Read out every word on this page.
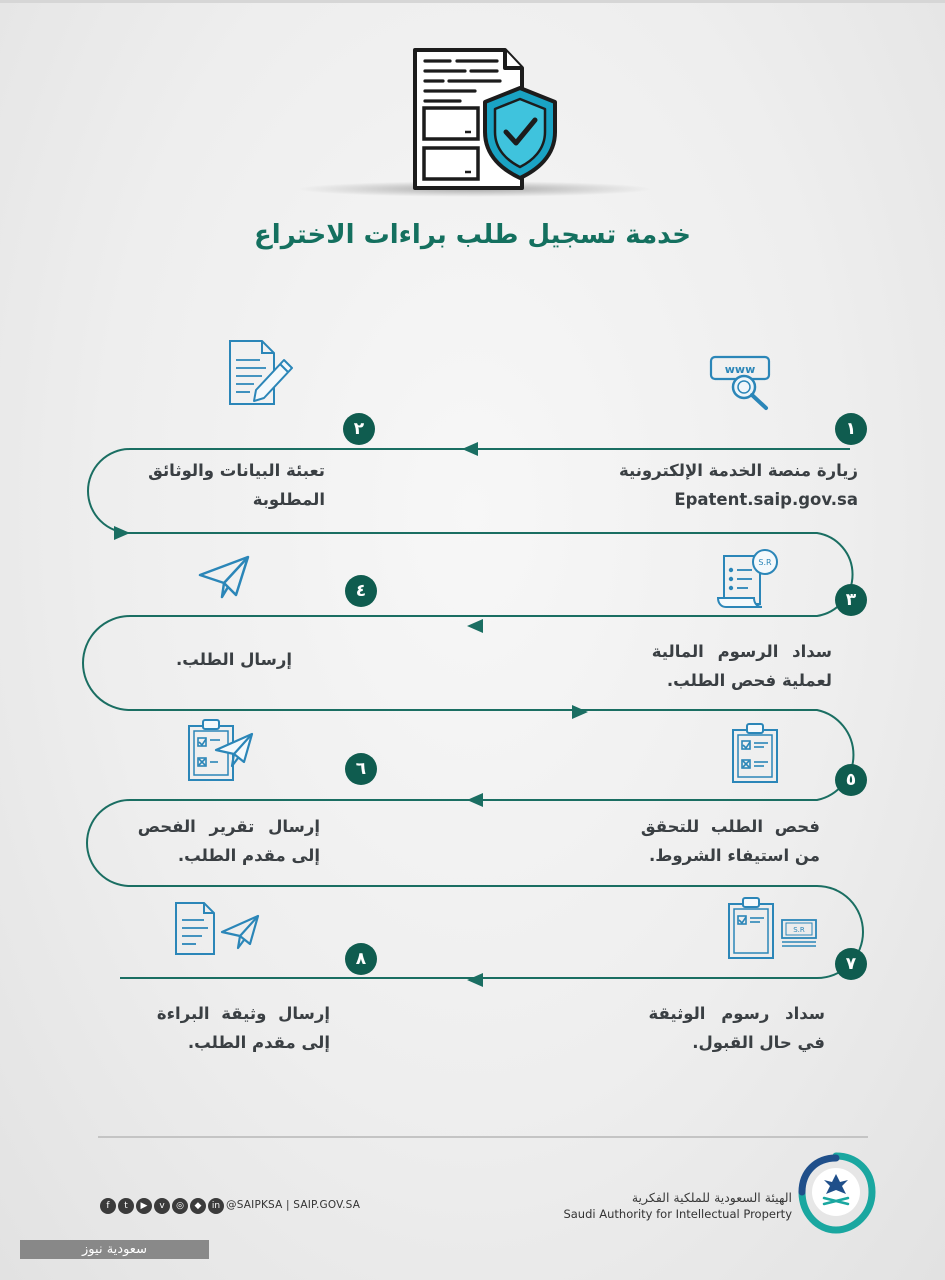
خدمة تسجيل طلب براءات الاختراع
١
٢
٣
٤
٥
٦
٧
٨
زيارة منصة الخدمة الإلكترونية
Epatent.saip.gov.sa
تعبئة البيانات والوثائق
المطلوبة
سداد الرسوم المالية
لعملية فحص الطلب.
إرسال الطلب.
فحص الطلب للتحقق
من استيفاء الشروط.
إرسال تقرير الفحص
إلى مقدم الطلب.
سداد رسوم الوثيقة
في حال القبول.
إرسال وثيقة البراءة
إلى مقدم الطلب.
www
S.R
S.R
الهيئة السعودية للملكية الفكرية
Saudi Authority for Intellectual Property
f	t	▶	v	◎	◆	in @SAIPKSA | SAIP.GOV.SA
سعودية نيوز
